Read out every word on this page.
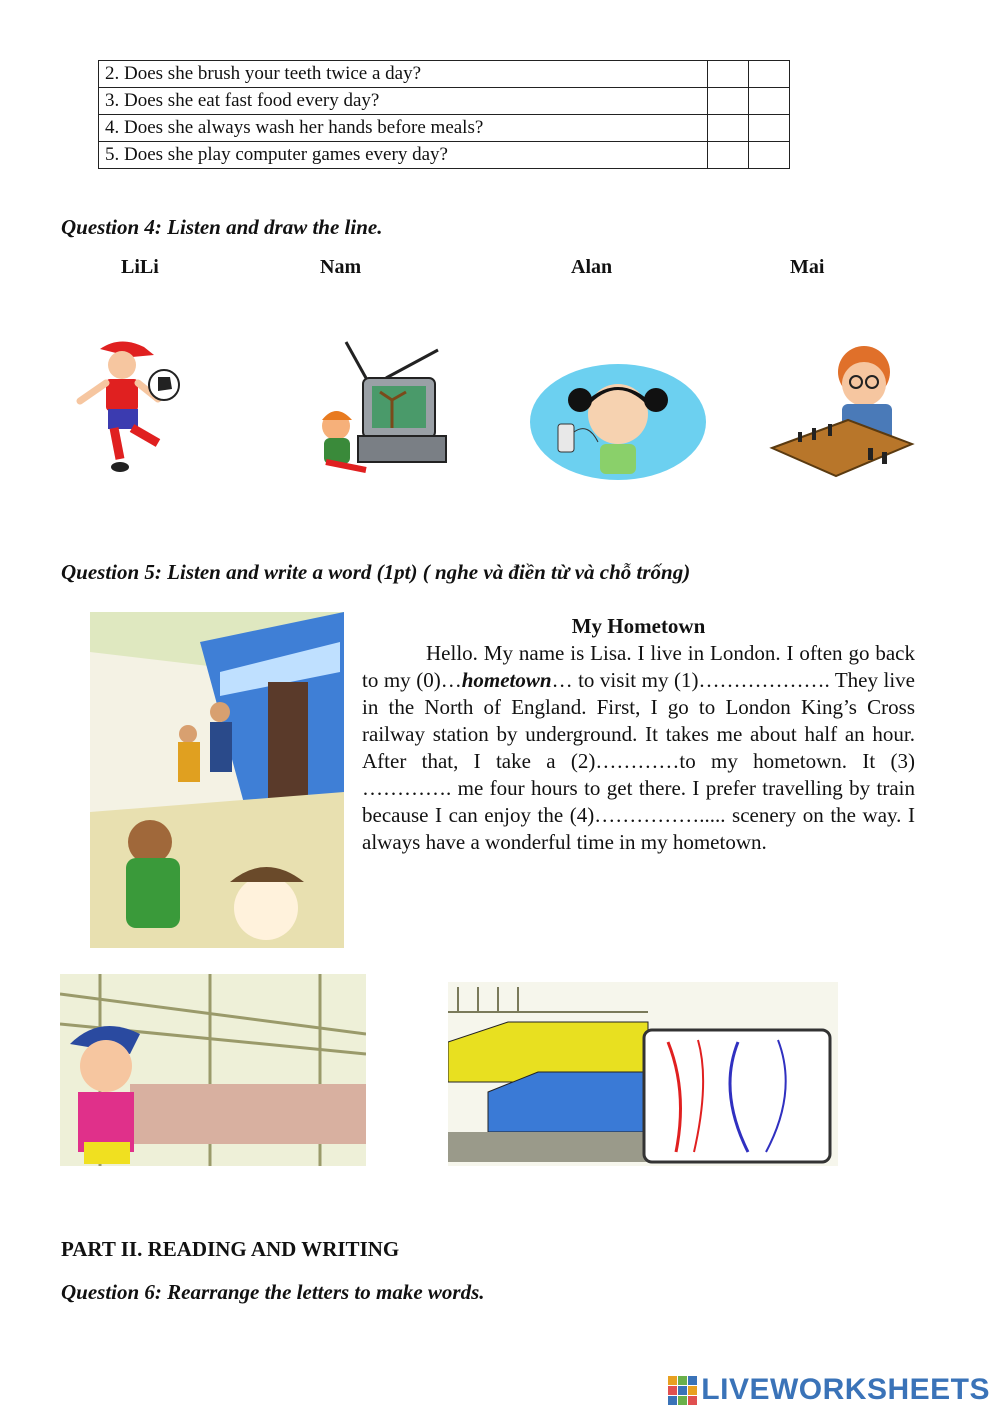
2. Does she brush your teeth twice a day?		
3. Does she eat fast food every day?		
4. Does she always wash her hands before meals?		
5. Does she play computer games every day?		
Question 4: Listen and draw the line.
LiLi	Nam	Alan	Mai
Question 5: Listen and write a word (1pt) ( nghe và điền từ và chỗ trống)
My Hometown

Hello. My name is Lisa. I live in London. I often go back to my (0)…hometown… to visit my (1)………………. They live in the North of England. First, I go to London King’s Cross railway station by underground. It takes me about half an hour. After that, I take a (2)…………to my hometown. It (3) …………. me four hours to get there. I prefer travelling by train because I can enjoy the (4)……………..... scenery on the way. I always have a wonderful time in my hometown.

PART II. READING AND WRITING
Question 6: Rearrange the letters to make words.
LIVEWORKSHEETS
